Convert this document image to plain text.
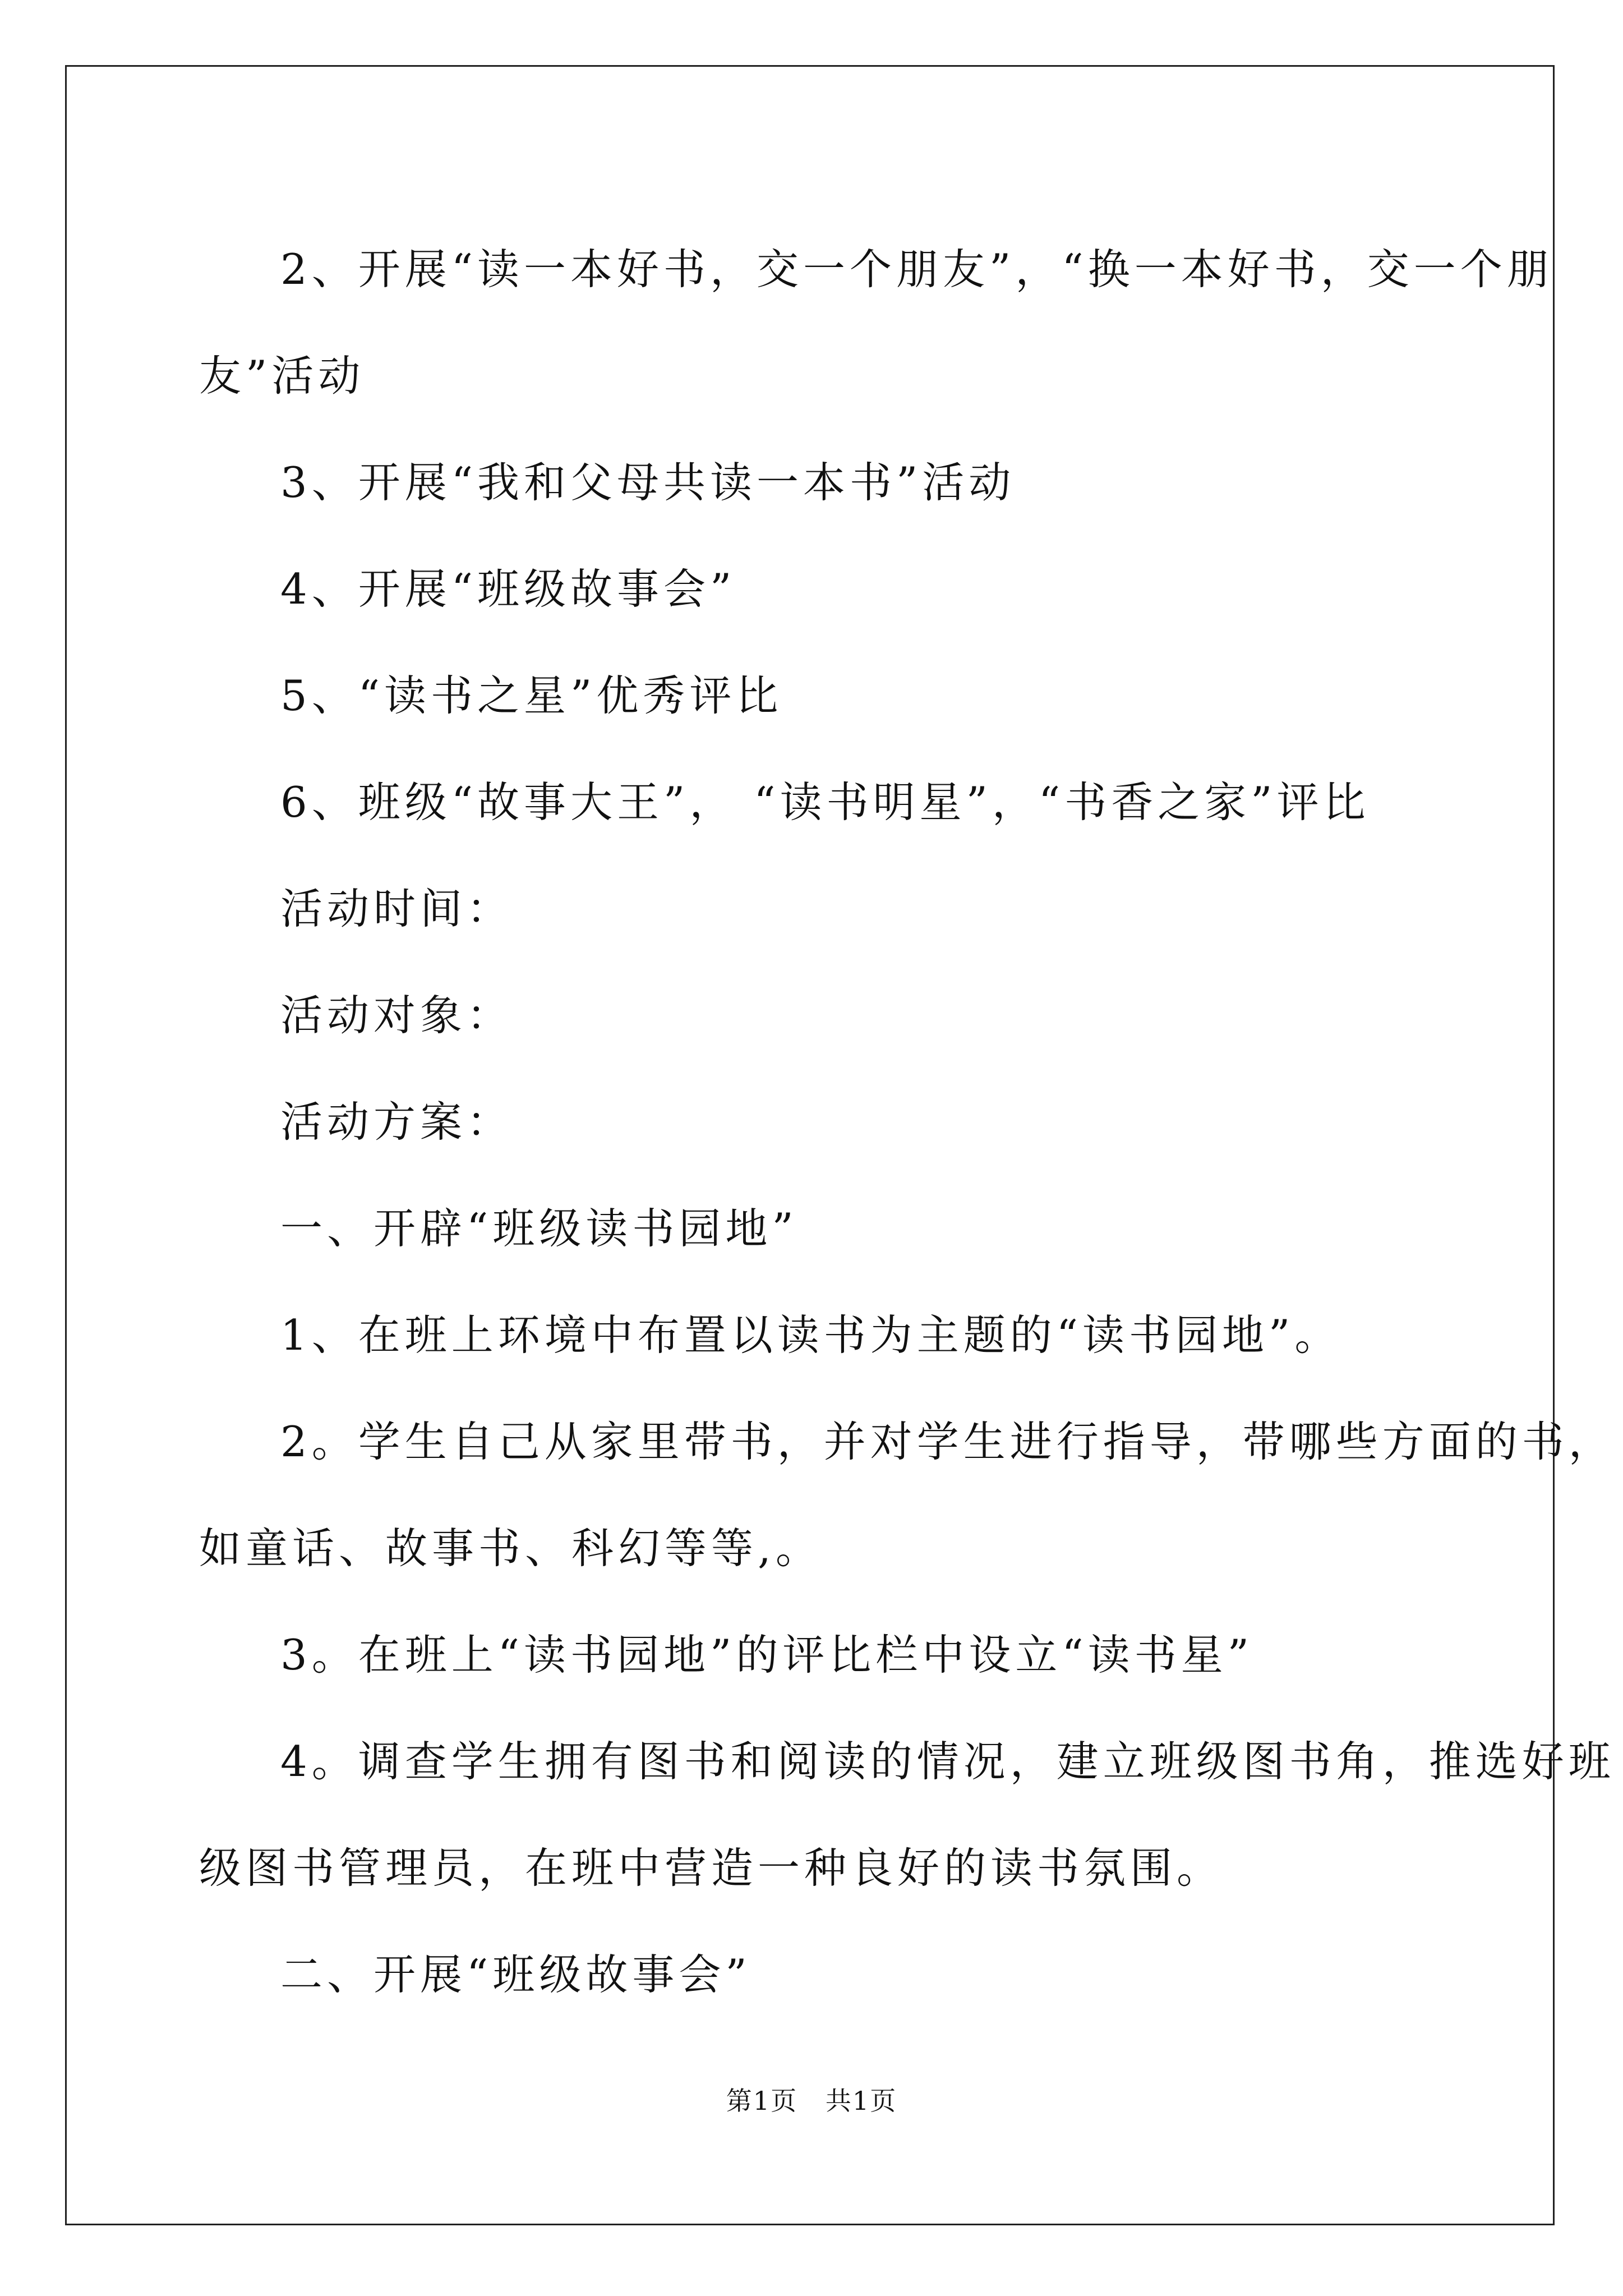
2、开展“读一本好书，交一个朋友”，“换一本好书，交一个朋

友”活动

3、开展“我和父母共读一本书”活动

4、开展“班级故事会”

5、“读书之星”优秀评比

6、班级“故事大王”， “读书明星”，“书香之家”评比

活动时间：

活动对象：

活动方案：

一、开辟“班级读书园地”

1、在班上环境中布置以读书为主题的“读书园地”。

2。学生自己从家里带书，并对学生进行指导，带哪些方面的书，

如童话、故事书、科幻等等,。

3。在班上“读书园地”的评比栏中设立“读书星”

4。调查学生拥有图书和阅读的情况，建立班级图书角，推选好班

级图书管理员，在班中营造一种良好的读书氛围。

二、开展“班级故事会”

第1页   共1页
